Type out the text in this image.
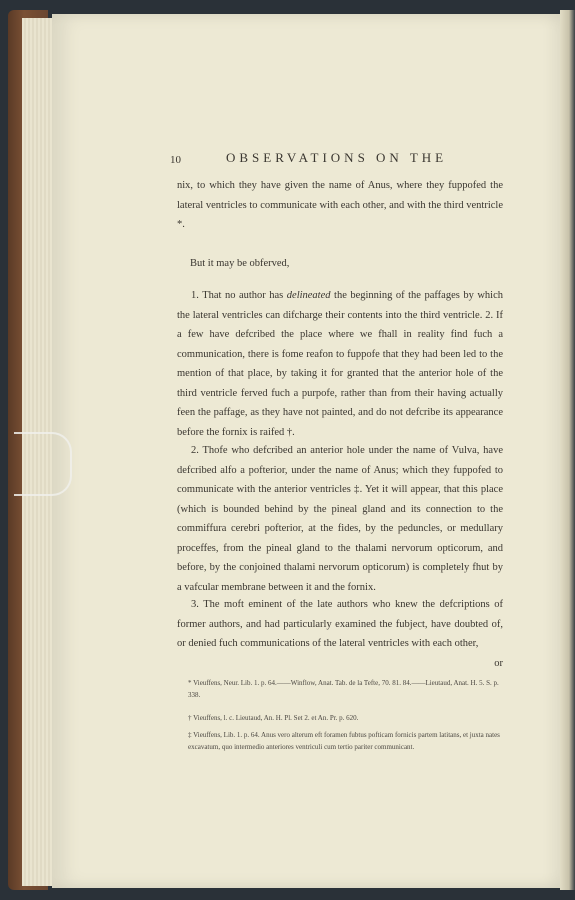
10	OBSERVATIONS ON THE
nix, to which they have given the name of Anus, where they fuppofed the lateral ventricles to communicate with each other, and with the third ventricle *.
But it may be obferved,
1. That no author has delineated the beginning of the paffages by which the lateral ventricles can difcharge their contents into the third ventricle. 2. If a few have defcribed the place where we fhall in reality find fuch a communication, there is fome reafon to fuppofe that they had been led to the mention of that place, by taking it for granted that the anterior hole of the third ventricle ferved fuch a purpofe, rather than from their having actually feen the paffage, as they have not painted, and do not defcribe its appearance before the fornix is raifed †.
2. Thofe who defcribed an anterior hole under the name of Vulva, have defcribed alfo a pofterior, under the name of Anus; which they fuppofed to communicate with the anterior ventricles ‡. Yet it will appear, that this place (which is bounded behind by the pineal gland and its connection to the commiffura cerebri pofterior, at the fides, by the peduncles, or medullary proceffes, from the pineal gland to the thalami nervorum opticorum, and before, by the conjoined thalami nervorum opticorum) is completely fhut by a vafcular membrane between it and the fornix.
3. The moft eminent of the late authors who knew the defcriptions of former authors, and had particularly examined the fubject, have doubted of, or denied fuch communications of the lateral ventricles with each other,
or
* Vieuffens, Neur. Lib. 1. p. 64.——Winflow, Anat. Tab. de la Tefte, 70. 81. 84.——Lieutaud, Anat. H. 5. S. p. 338.
† Vieuffens, l. c. Lieutaud, An. H. Pl. Set 2. et An. Pr. p. 620.
‡ Vieuffens, Lib. 1. p. 64. Anus vero alterum eft foramen fubtus pofticam fornicis partem latitans, et juxta nates excavatum, quo intermedio anteriores ventriculi cum tertio pariter communicant.
